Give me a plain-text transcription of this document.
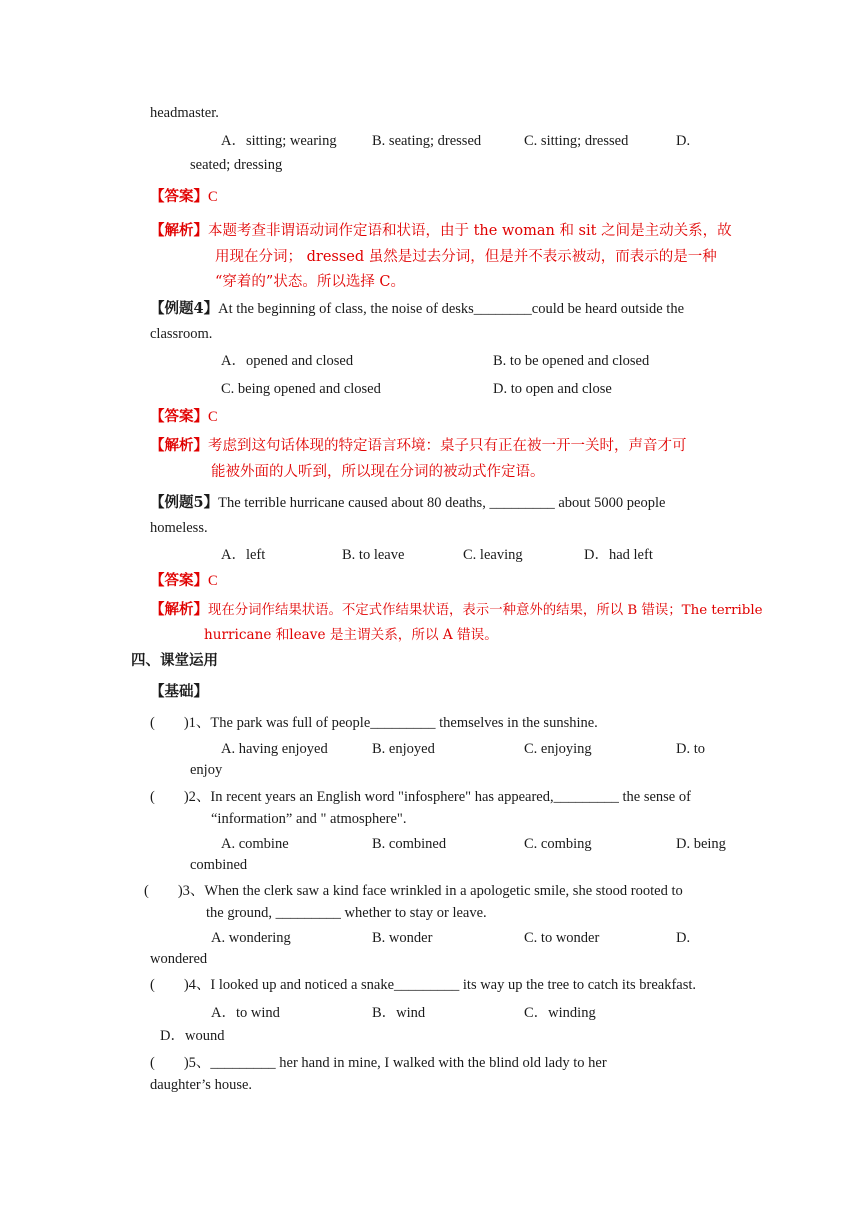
headmaster.
A．sitting; wearing B. seating; dressed	C. sitting; dressed	D.
seated; dressing
【答案】C
【解析】本题考查非谓语动词作定语和状语，由于 the woman 和 sit 之间是主动关系，故
用现在分词； dressed 虽然是过去分词，但是并不表示被动，而表示的是一种
“穿着的”状态。所以选择 C。
【例题4】At the beginning of class, the noise of desks________could be heard outside the
classroom.
A．opened and closed	B. to be opened and closed
C. being opened and closed	D. to open and close
【答案】C
【解析】考虑到这句话体现的特定语言环境：桌子只有正在被一开一关时，声音才可
能被外面的人听到，所以现在分词的被动式作定语。
【例题5】The terrible hurricane caused about 80 deaths, _________ about 5000 people
homeless.
A．left	B. to leave	C. leaving	D．had left
【答案】C
【解析】现在分词作结果状语。不定式作结果状语，表示一种意外的结果，所以 B 错误；The terrible
hurricane 和leave 是主谓关系，所以 A 错误。
四、课堂运用
【基础】
(        )1、The park was full of people_________ themselves in the sunshine.
A. having enjoyed	B. enjoyed	C. enjoying	D. to
enjoy
(        )2、In recent years an English word "infosphere" has appeared,_________ the sense of
“information” and " atmosphere".
A. combine	B. combined	C. combing	D. being
combined
(        )3、When the clerk saw a kind face wrinkled in a apologetic smile, she stood rooted to
the ground, _________ whether to stay or leave.
A. wondering	B. wonder	C. to wonder	D.
wondered
(        )4、I looked up and noticed a snake_________ its way up the tree to catch its breakfast.
A．to wind	B．wind	C．winding
D．wound
(        )5、_________ her hand in mine, I walked with the blind old lady to her
daughter’s house.
